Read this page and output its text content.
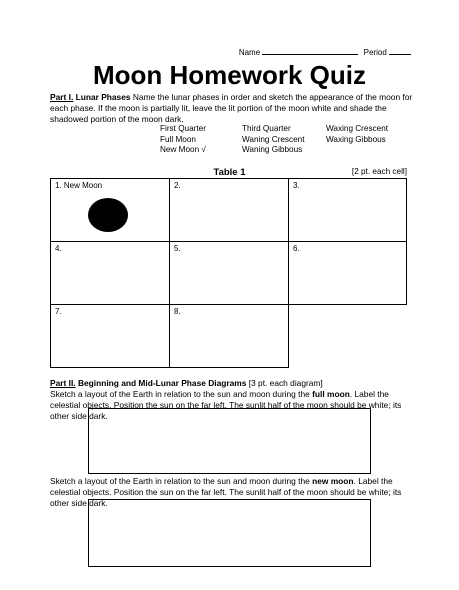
Name	Period
Moon Homework Quiz
Part I. Lunar Phases Name the lunar phases in order and sketch the appearance of the moon for each phase. If the moon is partially lit, leave the lit portion of the moon white and shade the shadowed portion of the moon dark.
First Quarter	Third Quarter	Waxing Crescent
Full Moon	Waning Crescent	Waxing Gibbous
New Moon √	Waning Gibbous
Table 1	[2 pt. each cell]
1. New Moon	2.	3.
4.	5.	6.
7.	8.
Part II. Beginning and Mid-Lunar Phase Diagrams [3 pt. each diagram]
Sketch a layout of the Earth in relation to the sun and moon during the full moon. Label the celestial objects. Position the sun on the far left. The sunlit half of the moon should be white; its other side dark.
Sketch a layout of the Earth in relation to the sun and moon during the new moon. Label the celestial objects. Position the sun on the far left. The sunlit half of the moon should be white; its other side dark.
